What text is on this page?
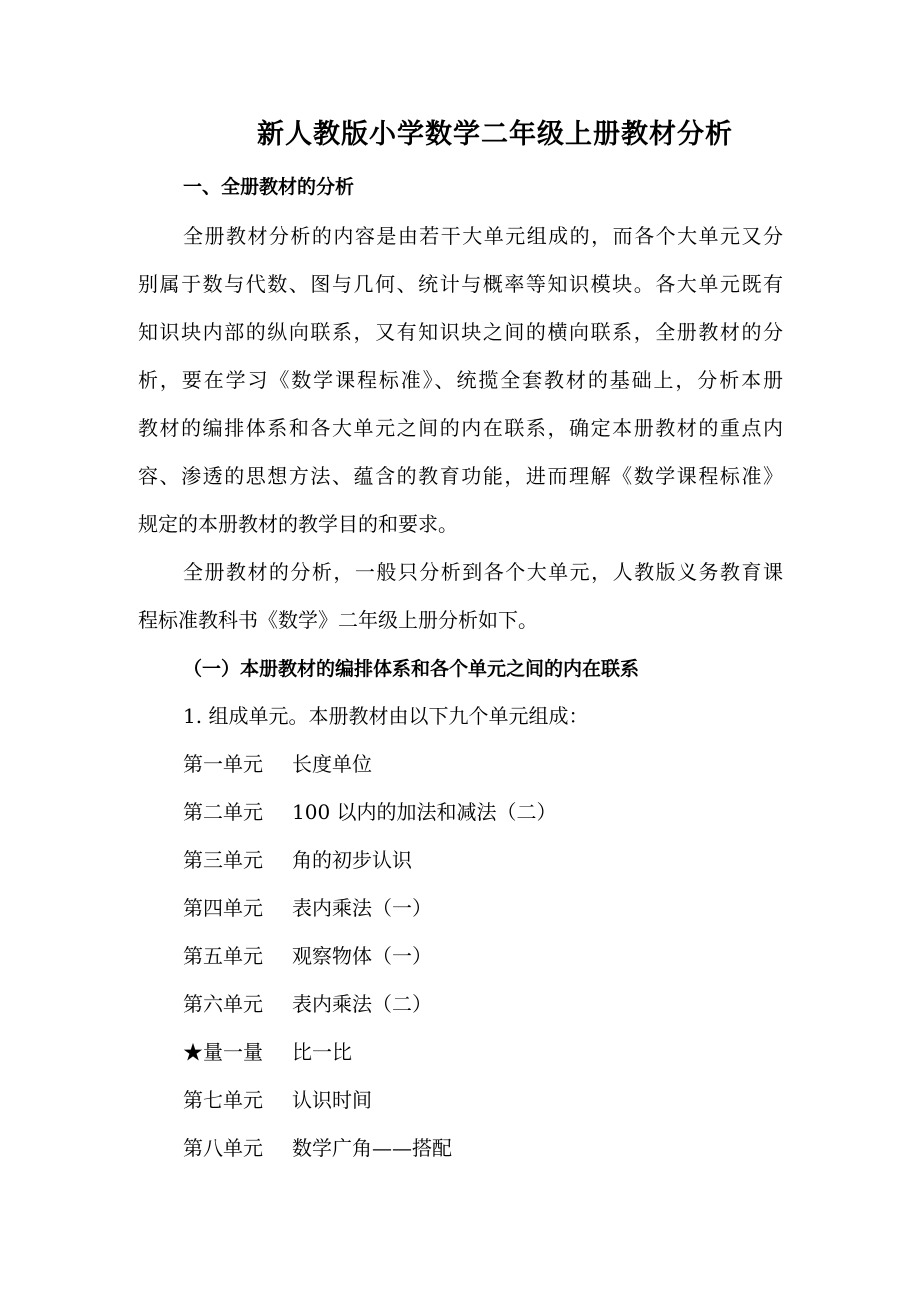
新人教版小学数学二年级上册教材分析
一、全册教材的分析
全册教材分析的内容是由若干大单元组成的，而各个大单元又分
别属于数与代数、图与几何、统计与概率等知识模块。各大单元既有
知识块内部的纵向联系，又有知识块之间的横向联系，全册教材的分
析，要在学习《数学课程标准》、统揽全套教材的基础上，分析本册
教材的编排体系和各大单元之间的内在联系，确定本册教材的重点内
容、渗透的思想方法、蕴含的教育功能，进而理解《数学课程标准》
规定的本册教材的教学目的和要求。
全册教材的分析，一般只分析到各个大单元，人教版义务教育课
程标准教科书《数学》二年级上册分析如下。
（一）本册教材的编排体系和各个单元之间的内在联系
1. 组成单元。本册教材由以下九个单元组成：
第一单元 长度单位
第二单元 100 以内的加法和减法（二）
第三单元 角的初步认识
第四单元 表内乘法（一）
第五单元 观察物体（一）
第六单元 表内乘法（二）
★量一量 比一比
第七单元 认识时间
第八单元 数学广角——搭配
